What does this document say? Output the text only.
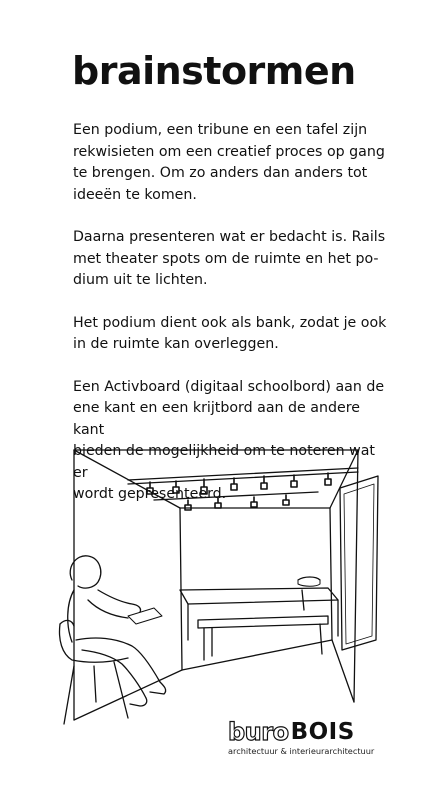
brainstormen

Een podium, een tribune en een tafel zijn
rekwisieten om een creatief proces op gang
te brengen. Om zo anders dan anders tot
ideeën te komen.

Daarna presenteren wat er bedacht is. Rails
met theater spots om de ruimte en het po-
dium uit te lichten.

Het podium dient ook als bank, zodat je ook
in de ruimte kan overleggen.

Een Activboard (digitaal schoolbord) aan de
ene kant en een krijtbord aan de andere kant
bieden de mogelijkheid om te noteren wat er
wordt gepresenteerd.

buro BOIS
architectuur & interieurarchitectuur
